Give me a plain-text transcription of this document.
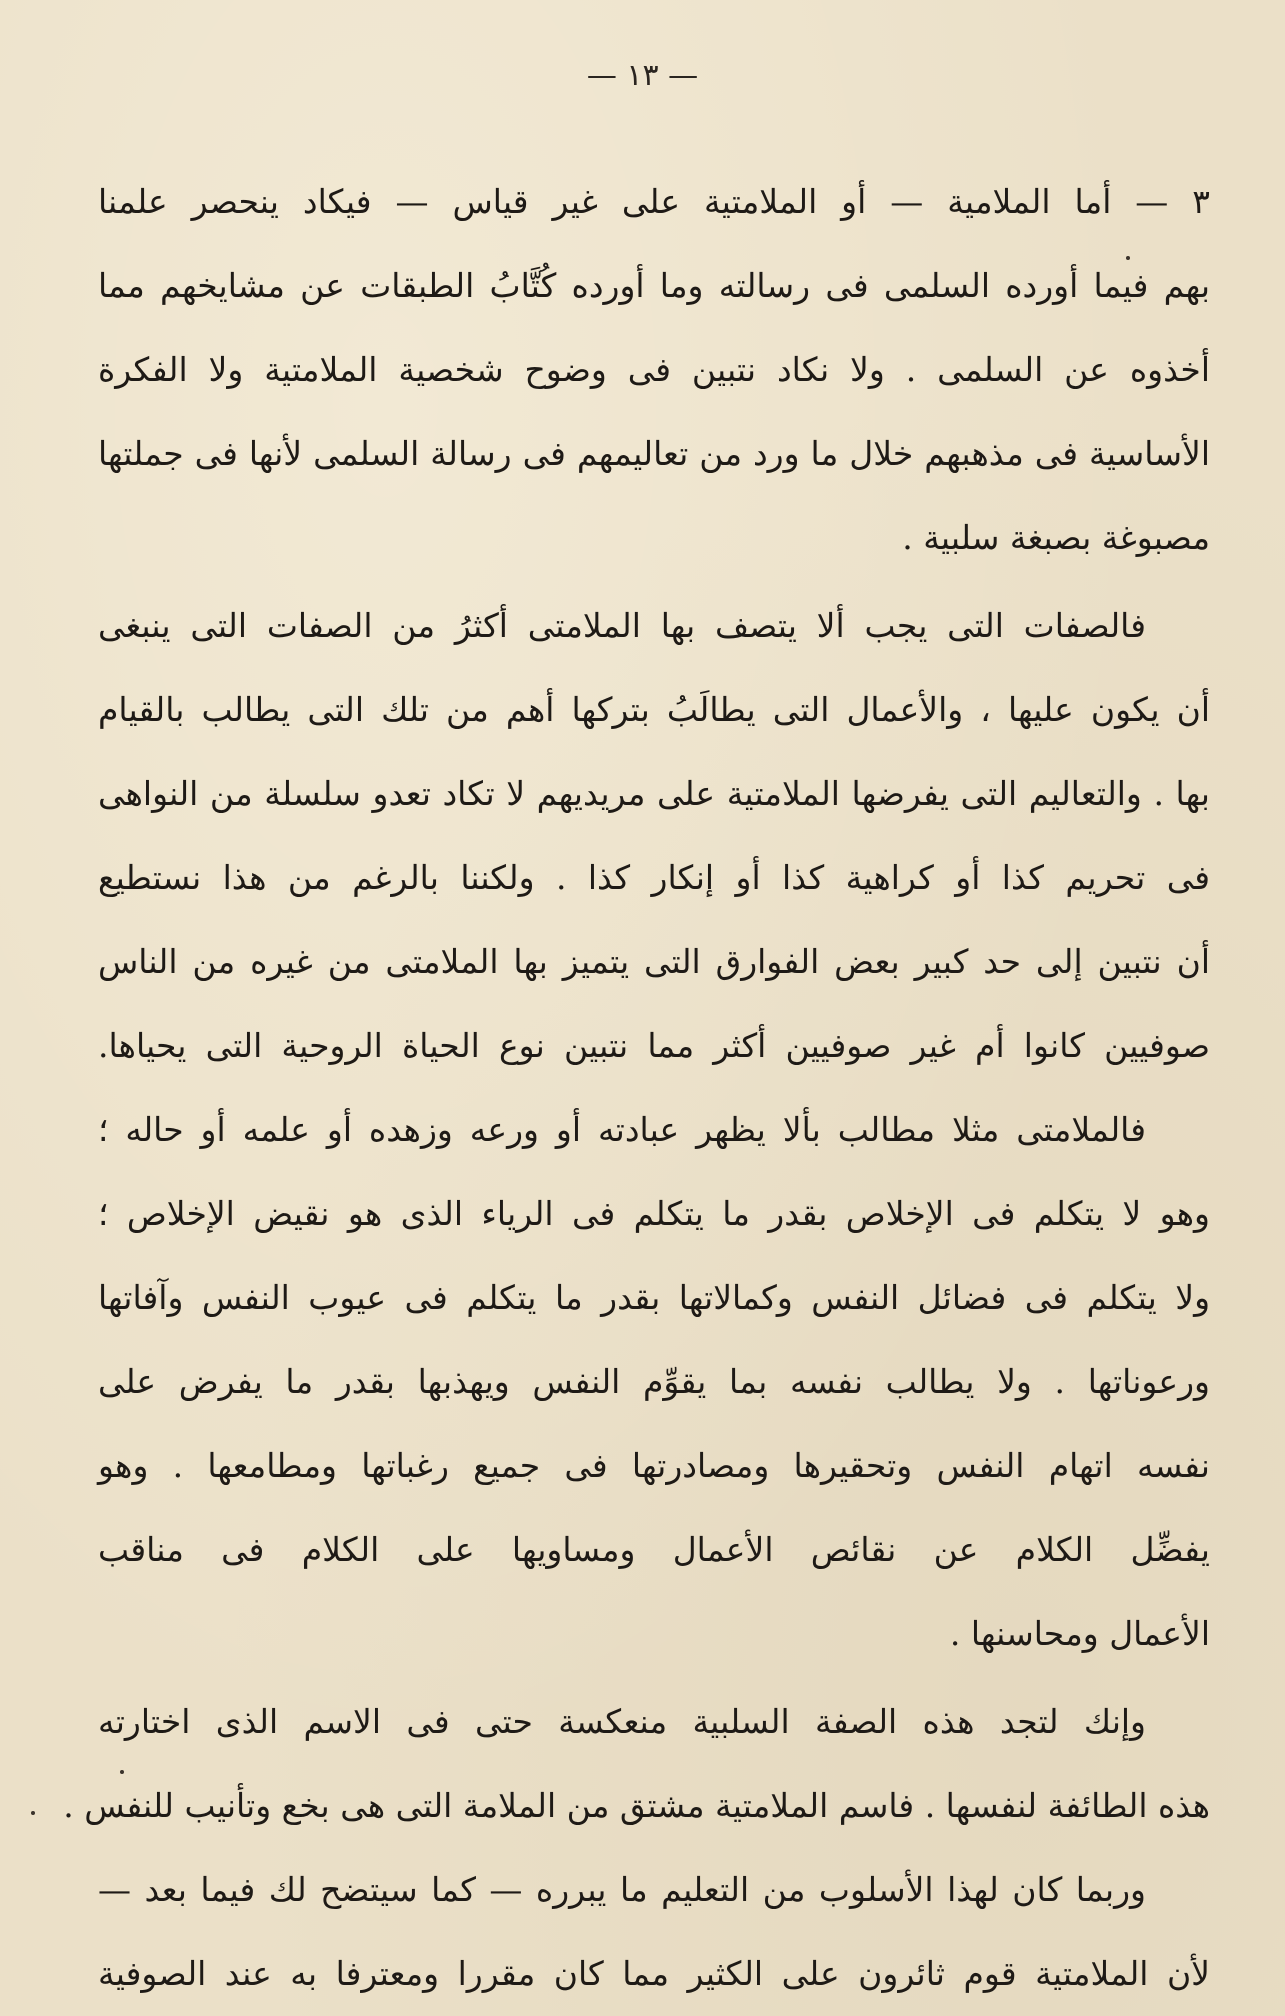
— ١٣ —
٣ — أما الملامية — أو الملامتية على غير قياس — فيكاد ينحصر علمنا
بهم فيما أورده السلمى فى رسالته وما أورده كُتَّابُ الطبقات عن مشايخهم مما
أخذوه عن السلمى . ولا نكاد نتبين فى وضوح شخصية الملامتية ولا الفكرة
الأساسية فى مذهبهم خلال ما ورد من تعاليمهم فى رسالة السلمى لأنها فى جملتها
مصبوغة بصبغة سلبية .
فالصفات التى يجب ألا يتصف بها الملامتى أكثرُ من الصفات التى ينبغى
أن يكون عليها ، والأعمال التى يطالَبُ بتركها أهم من تلك التى يطالب بالقيام
بها . والتعاليم التى يفرضها الملامتية على مريديهم لا تكاد تعدو سلسلة من النواهى
فى تحريم كذا أو كراهية كذا أو إنكار كذا . ولكننا بالرغم من هذا نستطيع
أن نتبين إلى حد كبير بعض الفوارق التى يتميز بها الملامتى من غيره من الناس
صوفيين كانوا أم غير صوفيين أكثر مما نتبين نوع الحياة الروحية التى يحياها.
فالملامتى مثلا مطالب بألا يظهر عبادته أو ورعه وزهده أو علمه أو حاله ؛
وهو لا يتكلم فى الإخلاص بقدر ما يتكلم فى الرياء الذى هو نقيض الإخلاص ؛
ولا يتكلم فى فضائل النفس وكمالاتها بقدر ما يتكلم فى عيوب النفس وآفاتها
ورعوناتها . ولا يطالب نفسه بما يقوِّم النفس ويهذبها بقدر ما يفرض على
نفسه اتهام النفس وتحقيرها ومصادرتها فى جميع رغباتها ومطامعها . وهو
يفضِّل الكلام عن نقائص الأعمال ومساويها على الكلام فى مناقب
الأعمال ومحاسنها .
وإنك لتجد هذه الصفة السلبية منعكسة حتى فى الاسم الذى اختارته
هذه الطائفة لنفسها . فاسم الملامتية مشتق من الملامة التى هى بخع وتأنيب للنفس .
وربما كان لهذا الأسلوب من التعليم ما يبرره — كما سيتضح لك فيما بعد —
لأن الملامتية قوم ثائرون على الكثير مما كان مقررا ومعترفا به عند الصوفية
